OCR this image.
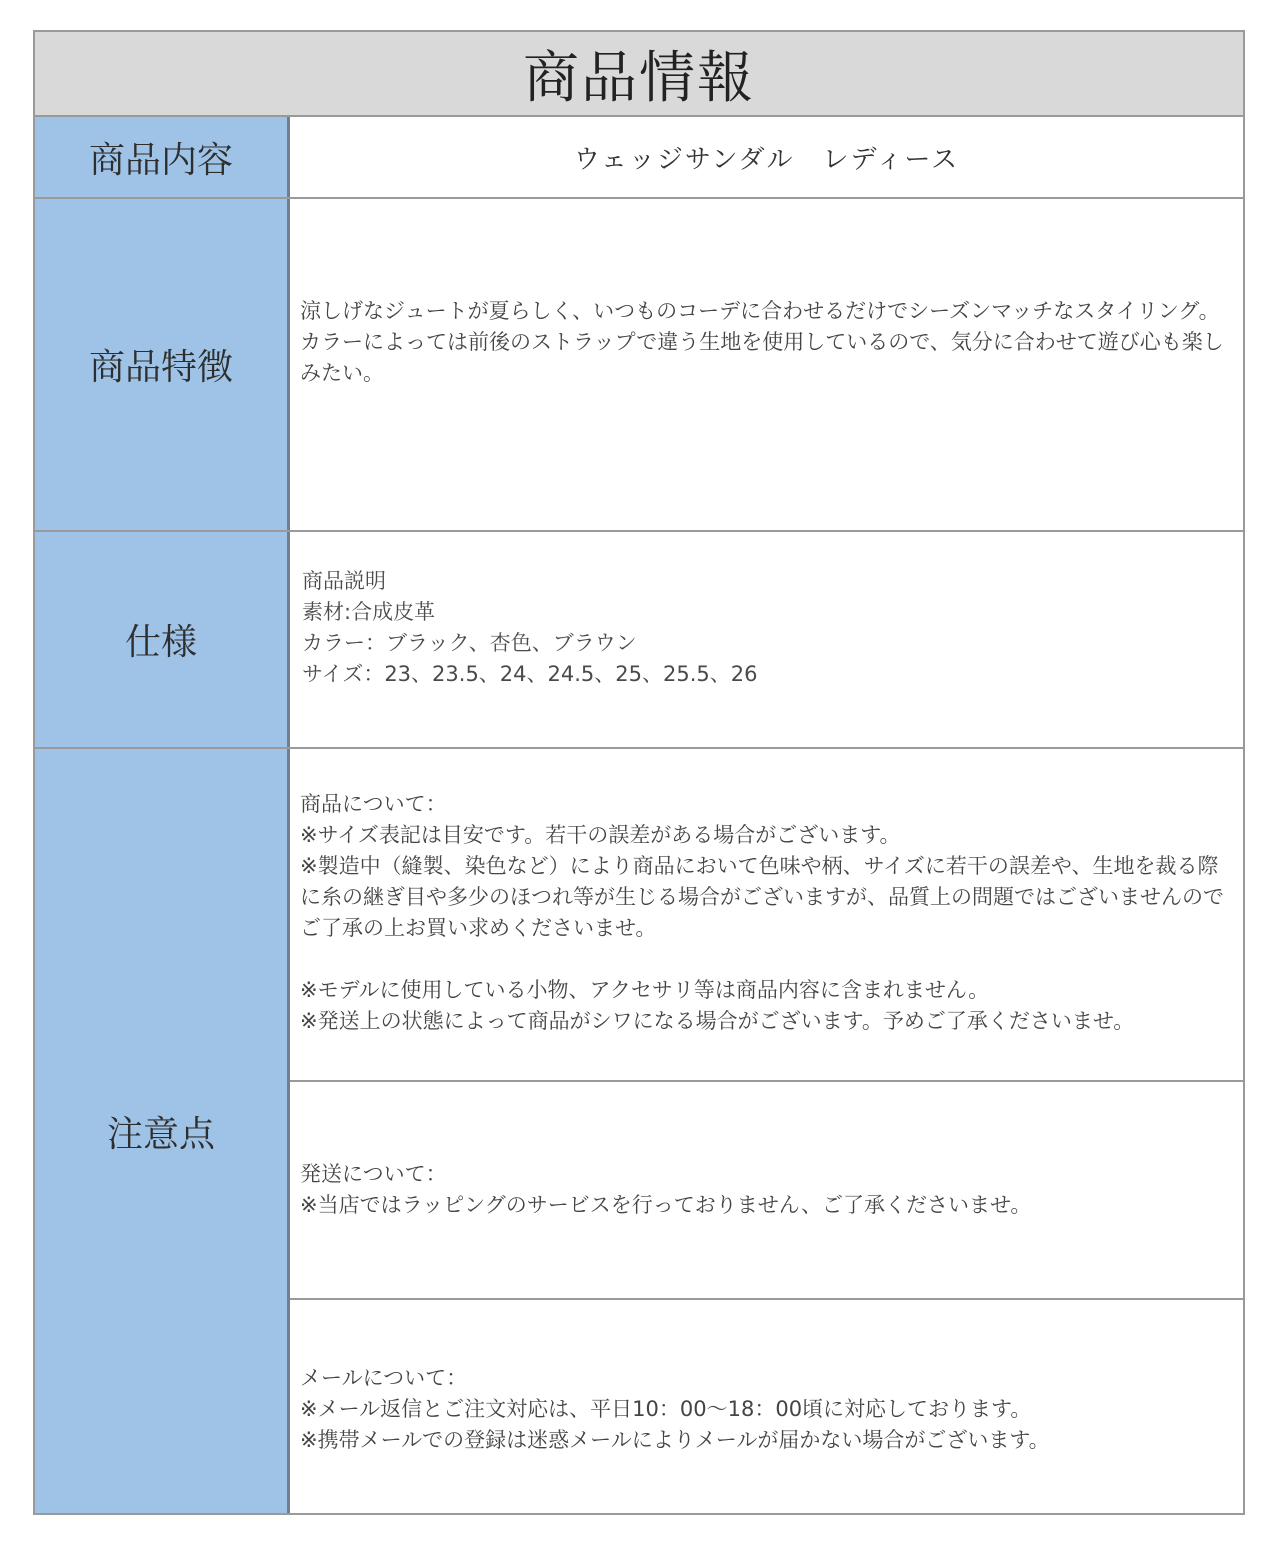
商品情報
商品内容	ウェッジサンダル　レディース
商品特徴
涼しげなジュートが夏らしく、いつものコーデに合わせるだけでシーズンマッチなスタイリング。
カラーによっては前後のストラップで違う生地を使用しているので、気分に合わせて遊び心も楽しみたい。
仕様
商品説明
素材:合成皮革
カラー：ブラック、杏色、ブラウン
サイズ：23、23.5、24、24.5、25、25.5、26
注意点
商品について：
※サイズ表記は目安です。若干の誤差がある場合がございます。
※製造中（縫製、染色など）により商品において色味や柄、サイズに若干の誤差や、生地を裁る際に糸の継ぎ目や多少のほつれ等が生じる場合がございますが、品質上の問題ではございませんのでご了承の上お買い求めくださいませ。
※モデルに使用している小物、アクセサリ等は商品内容に含まれません。
※発送上の状態によって商品がシワになる場合がございます。予めご了承くださいませ。
発送について：
※当店ではラッピングのサービスを行っておりません、ご了承くださいませ。
メールについて：
※メール返信とご注文対応は、平日10：00～18：00頃に対応しております。
※携帯メールでの登録は迷惑メールによりメールが届かない場合がございます。
